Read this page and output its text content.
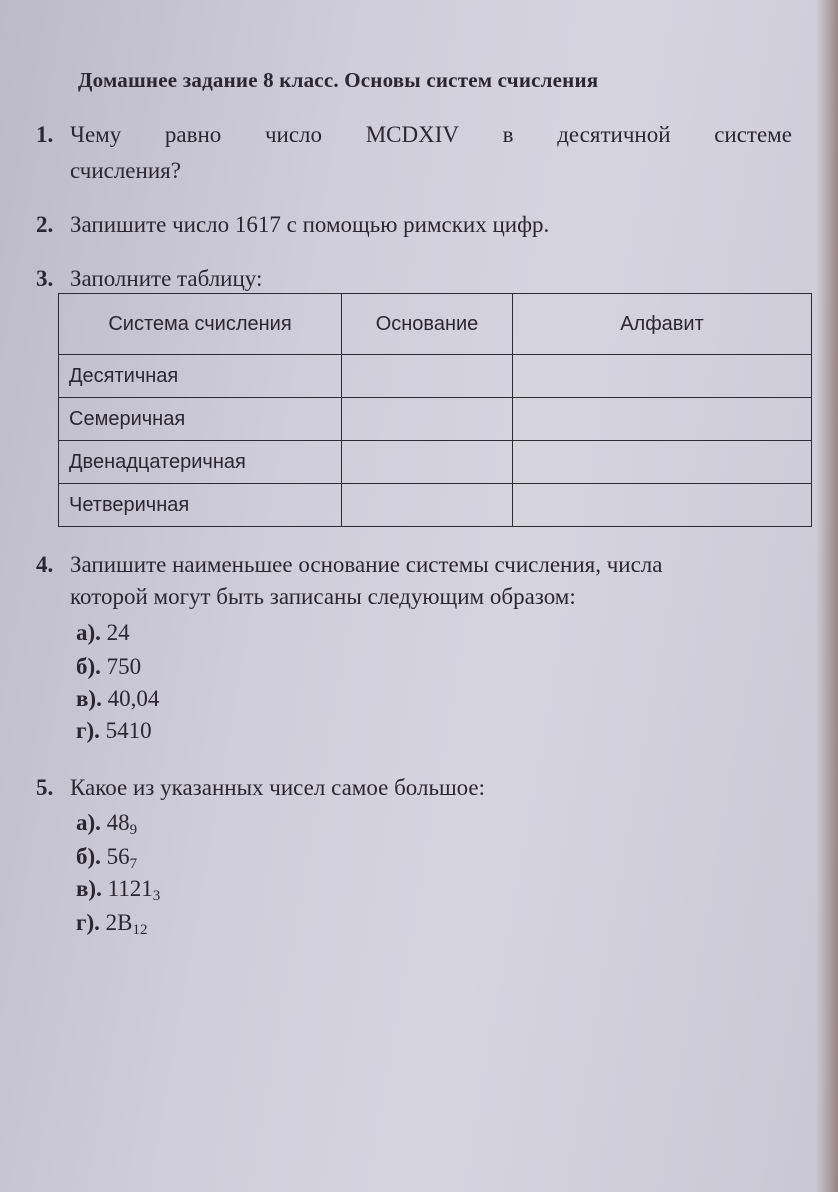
Домашнее задание 8 класс. Основы систем счисления
1. Чему равно число MCDXIV в десятичной системе
счисления?
2. Запишите число 1617 с помощью римских цифр.
3. Заполните таблицу:
Система счисления	Основание	Алфавит
Десятичная		
Семеричная		
Двенадцатеричная		
Четверичная		
4. Запишите наименьшее основание системы счисления, числа
которой могут быть записаны следующим образом:
а). 24
б). 750
в). 40,04
г). 5410
5. Какое из указанных чисел самое большое:
а). $48_9$
б). $56_7$
в). $1121_3$
г). $2B_{12}$
